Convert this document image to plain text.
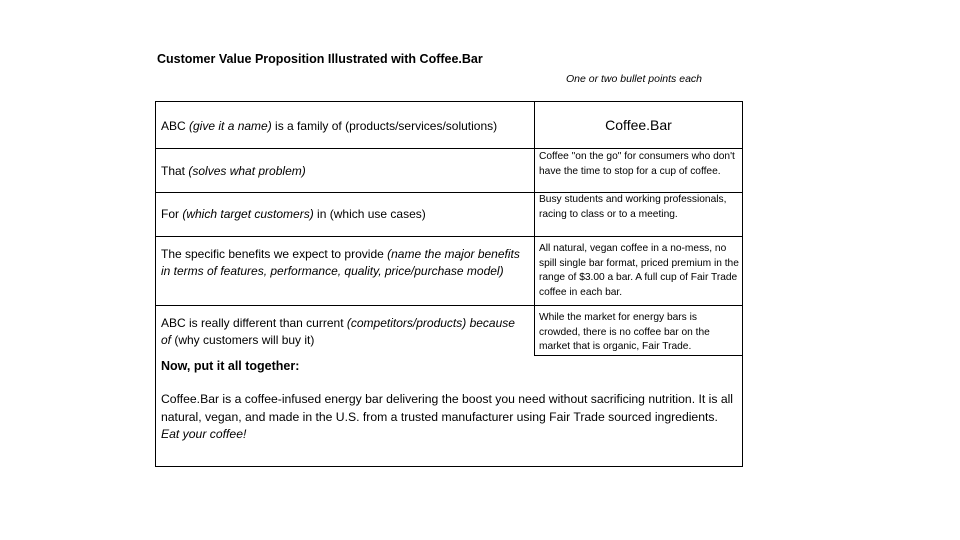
Customer Value Proposition Illustrated with Coffee.Bar
One or two bullet points each
Coffee.Bar
ABC (give it a name) is a family of (products/services/solutions)
That (solves what problem)
For (which target customers) in (which use cases)
The specific benefits we expect to provide (name the major benefits in terms of features, performance, quality, price/purchase model)
ABC is really different than current (competitors/products) because of (why customers will buy it)
Coffee "on the go" for consumers who don't have the time to stop for a cup of coffee.
Busy students and working professionals, racing to class or to a meeting.
All natural, vegan coffee in a no-mess, no spill single bar format, priced premium in the range of $3.00 a bar. A full cup of Fair Trade coffee in each bar.
While the market for energy bars is crowded, there is no coffee bar on the market that is organic, Fair Trade.
Now, put it all together:
Coffee.Bar is a coffee-infused energy bar delivering the boost you need without sacrificing nutrition. It is all natural, vegan, and made in the U.S. from a trusted manufacturer using Fair Trade sourced ingredients. Eat your coffee!
